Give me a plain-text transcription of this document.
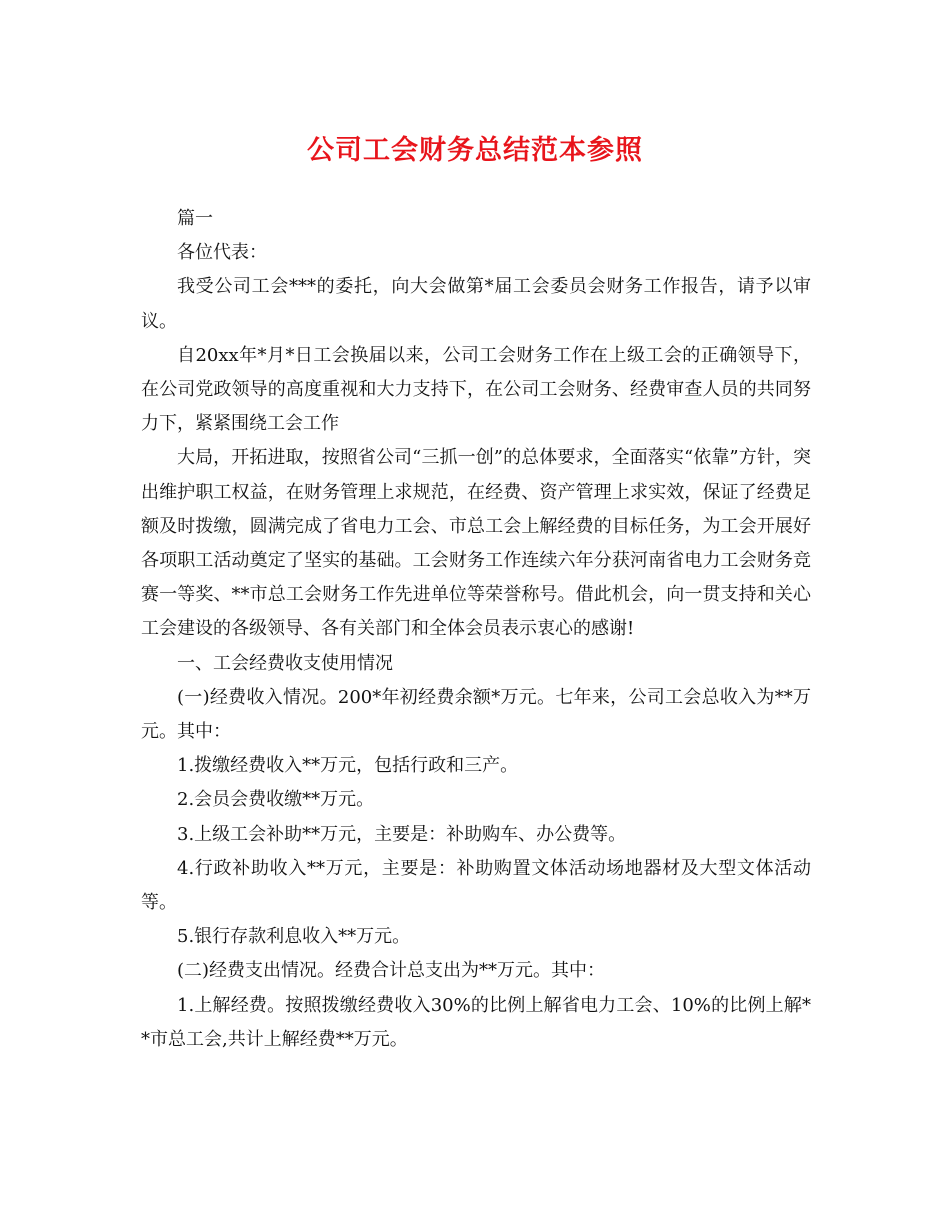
公司工会财务总结范本参照

篇一

各位代表：

我受公司工会***的委托，向大会做第*届工会委员会财务工作报告，请予以审议。

自20xx年*月*日工会换届以来，公司工会财务工作在上级工会的正确领导下，在公司党政领导的高度重视和大力支持下，在公司工会财务、经费审查人员的共同努力下，紧紧围绕工会工作

大局，开拓进取，按照省公司“三抓一创”的总体要求，全面落实“依靠”方针，突出维护职工权益，在财务管理上求规范，在经费、资产管理上求实效，保证了经费足额及时拨缴，圆满完成了省电力工会、市总工会上解经费的目标任务，为工会开展好各项职工活动奠定了坚实的基础。工会财务工作连续六年分获河南省电力工会财务竞赛一等奖、**市总工会财务工作先进单位等荣誉称号。借此机会，向一贯支持和关心工会建设的各级领导、各有关部门和全体会员表示衷心的感谢!

一、工会经费收支使用情况

(一)经费收入情况。200*年初经费余额*万元。七年来，公司工会总收入为**万元。其中：

1.拨缴经费收入**万元，包括行政和三产。

2.会员会费收缴**万元。

3.上级工会补助**万元，主要是：补助购车、办公费等。

4.行政补助收入**万元，主要是：补助购置文体活动场地器材及大型文体活动等。

5.银行存款利息收入**万元。

(二)经费支出情况。经费合计总支出为**万元。其中：

1.上解经费。按照拨缴经费收入30%的比例上解省电力工会、10%的比例上解**市总工会,共计上解经费**万元。
